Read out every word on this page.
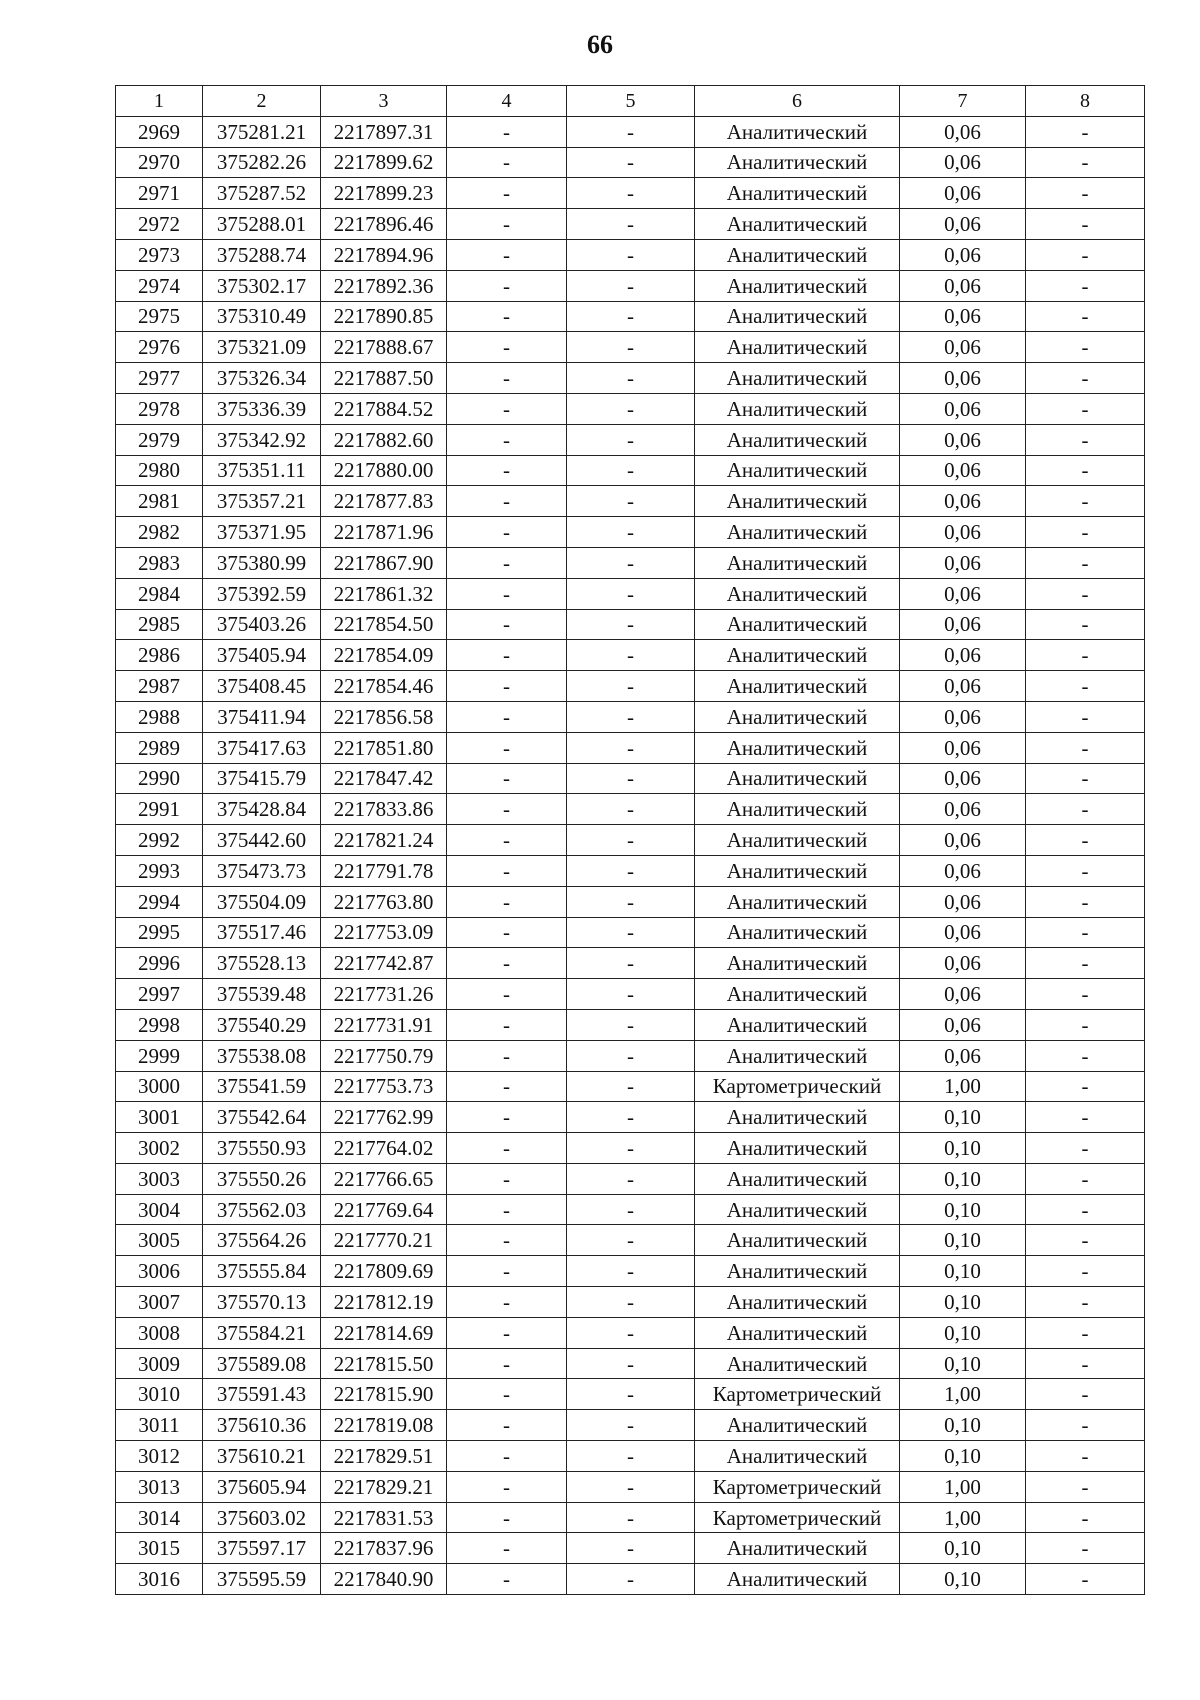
66
1	2	3	4	5	6	7	8
2969	375281.21	2217897.31	-	-	Аналитический	0,06	-
2970	375282.26	2217899.62	-	-	Аналитический	0,06	-
2971	375287.52	2217899.23	-	-	Аналитический	0,06	-
2972	375288.01	2217896.46	-	-	Аналитический	0,06	-
2973	375288.74	2217894.96	-	-	Аналитический	0,06	-
2974	375302.17	2217892.36	-	-	Аналитический	0,06	-
2975	375310.49	2217890.85	-	-	Аналитический	0,06	-
2976	375321.09	2217888.67	-	-	Аналитический	0,06	-
2977	375326.34	2217887.50	-	-	Аналитический	0,06	-
2978	375336.39	2217884.52	-	-	Аналитический	0,06	-
2979	375342.92	2217882.60	-	-	Аналитический	0,06	-
2980	375351.11	2217880.00	-	-	Аналитический	0,06	-
2981	375357.21	2217877.83	-	-	Аналитический	0,06	-
2982	375371.95	2217871.96	-	-	Аналитический	0,06	-
2983	375380.99	2217867.90	-	-	Аналитический	0,06	-
2984	375392.59	2217861.32	-	-	Аналитический	0,06	-
2985	375403.26	2217854.50	-	-	Аналитический	0,06	-
2986	375405.94	2217854.09	-	-	Аналитический	0,06	-
2987	375408.45	2217854.46	-	-	Аналитический	0,06	-
2988	375411.94	2217856.58	-	-	Аналитический	0,06	-
2989	375417.63	2217851.80	-	-	Аналитический	0,06	-
2990	375415.79	2217847.42	-	-	Аналитический	0,06	-
2991	375428.84	2217833.86	-	-	Аналитический	0,06	-
2992	375442.60	2217821.24	-	-	Аналитический	0,06	-
2993	375473.73	2217791.78	-	-	Аналитический	0,06	-
2994	375504.09	2217763.80	-	-	Аналитический	0,06	-
2995	375517.46	2217753.09	-	-	Аналитический	0,06	-
2996	375528.13	2217742.87	-	-	Аналитический	0,06	-
2997	375539.48	2217731.26	-	-	Аналитический	0,06	-
2998	375540.29	2217731.91	-	-	Аналитический	0,06	-
2999	375538.08	2217750.79	-	-	Аналитический	0,06	-
3000	375541.59	2217753.73	-	-	Картометрический	1,00	-
3001	375542.64	2217762.99	-	-	Аналитический	0,10	-
3002	375550.93	2217764.02	-	-	Аналитический	0,10	-
3003	375550.26	2217766.65	-	-	Аналитический	0,10	-
3004	375562.03	2217769.64	-	-	Аналитический	0,10	-
3005	375564.26	2217770.21	-	-	Аналитический	0,10	-
3006	375555.84	2217809.69	-	-	Аналитический	0,10	-
3007	375570.13	2217812.19	-	-	Аналитический	0,10	-
3008	375584.21	2217814.69	-	-	Аналитический	0,10	-
3009	375589.08	2217815.50	-	-	Аналитический	0,10	-
3010	375591.43	2217815.90	-	-	Картометрический	1,00	-
3011	375610.36	2217819.08	-	-	Аналитический	0,10	-
3012	375610.21	2217829.51	-	-	Аналитический	0,10	-
3013	375605.94	2217829.21	-	-	Картометрический	1,00	-
3014	375603.02	2217831.53	-	-	Картометрический	1,00	-
3015	375597.17	2217837.96	-	-	Аналитический	0,10	-
3016	375595.59	2217840.90	-	-	Аналитический	0,10	-
